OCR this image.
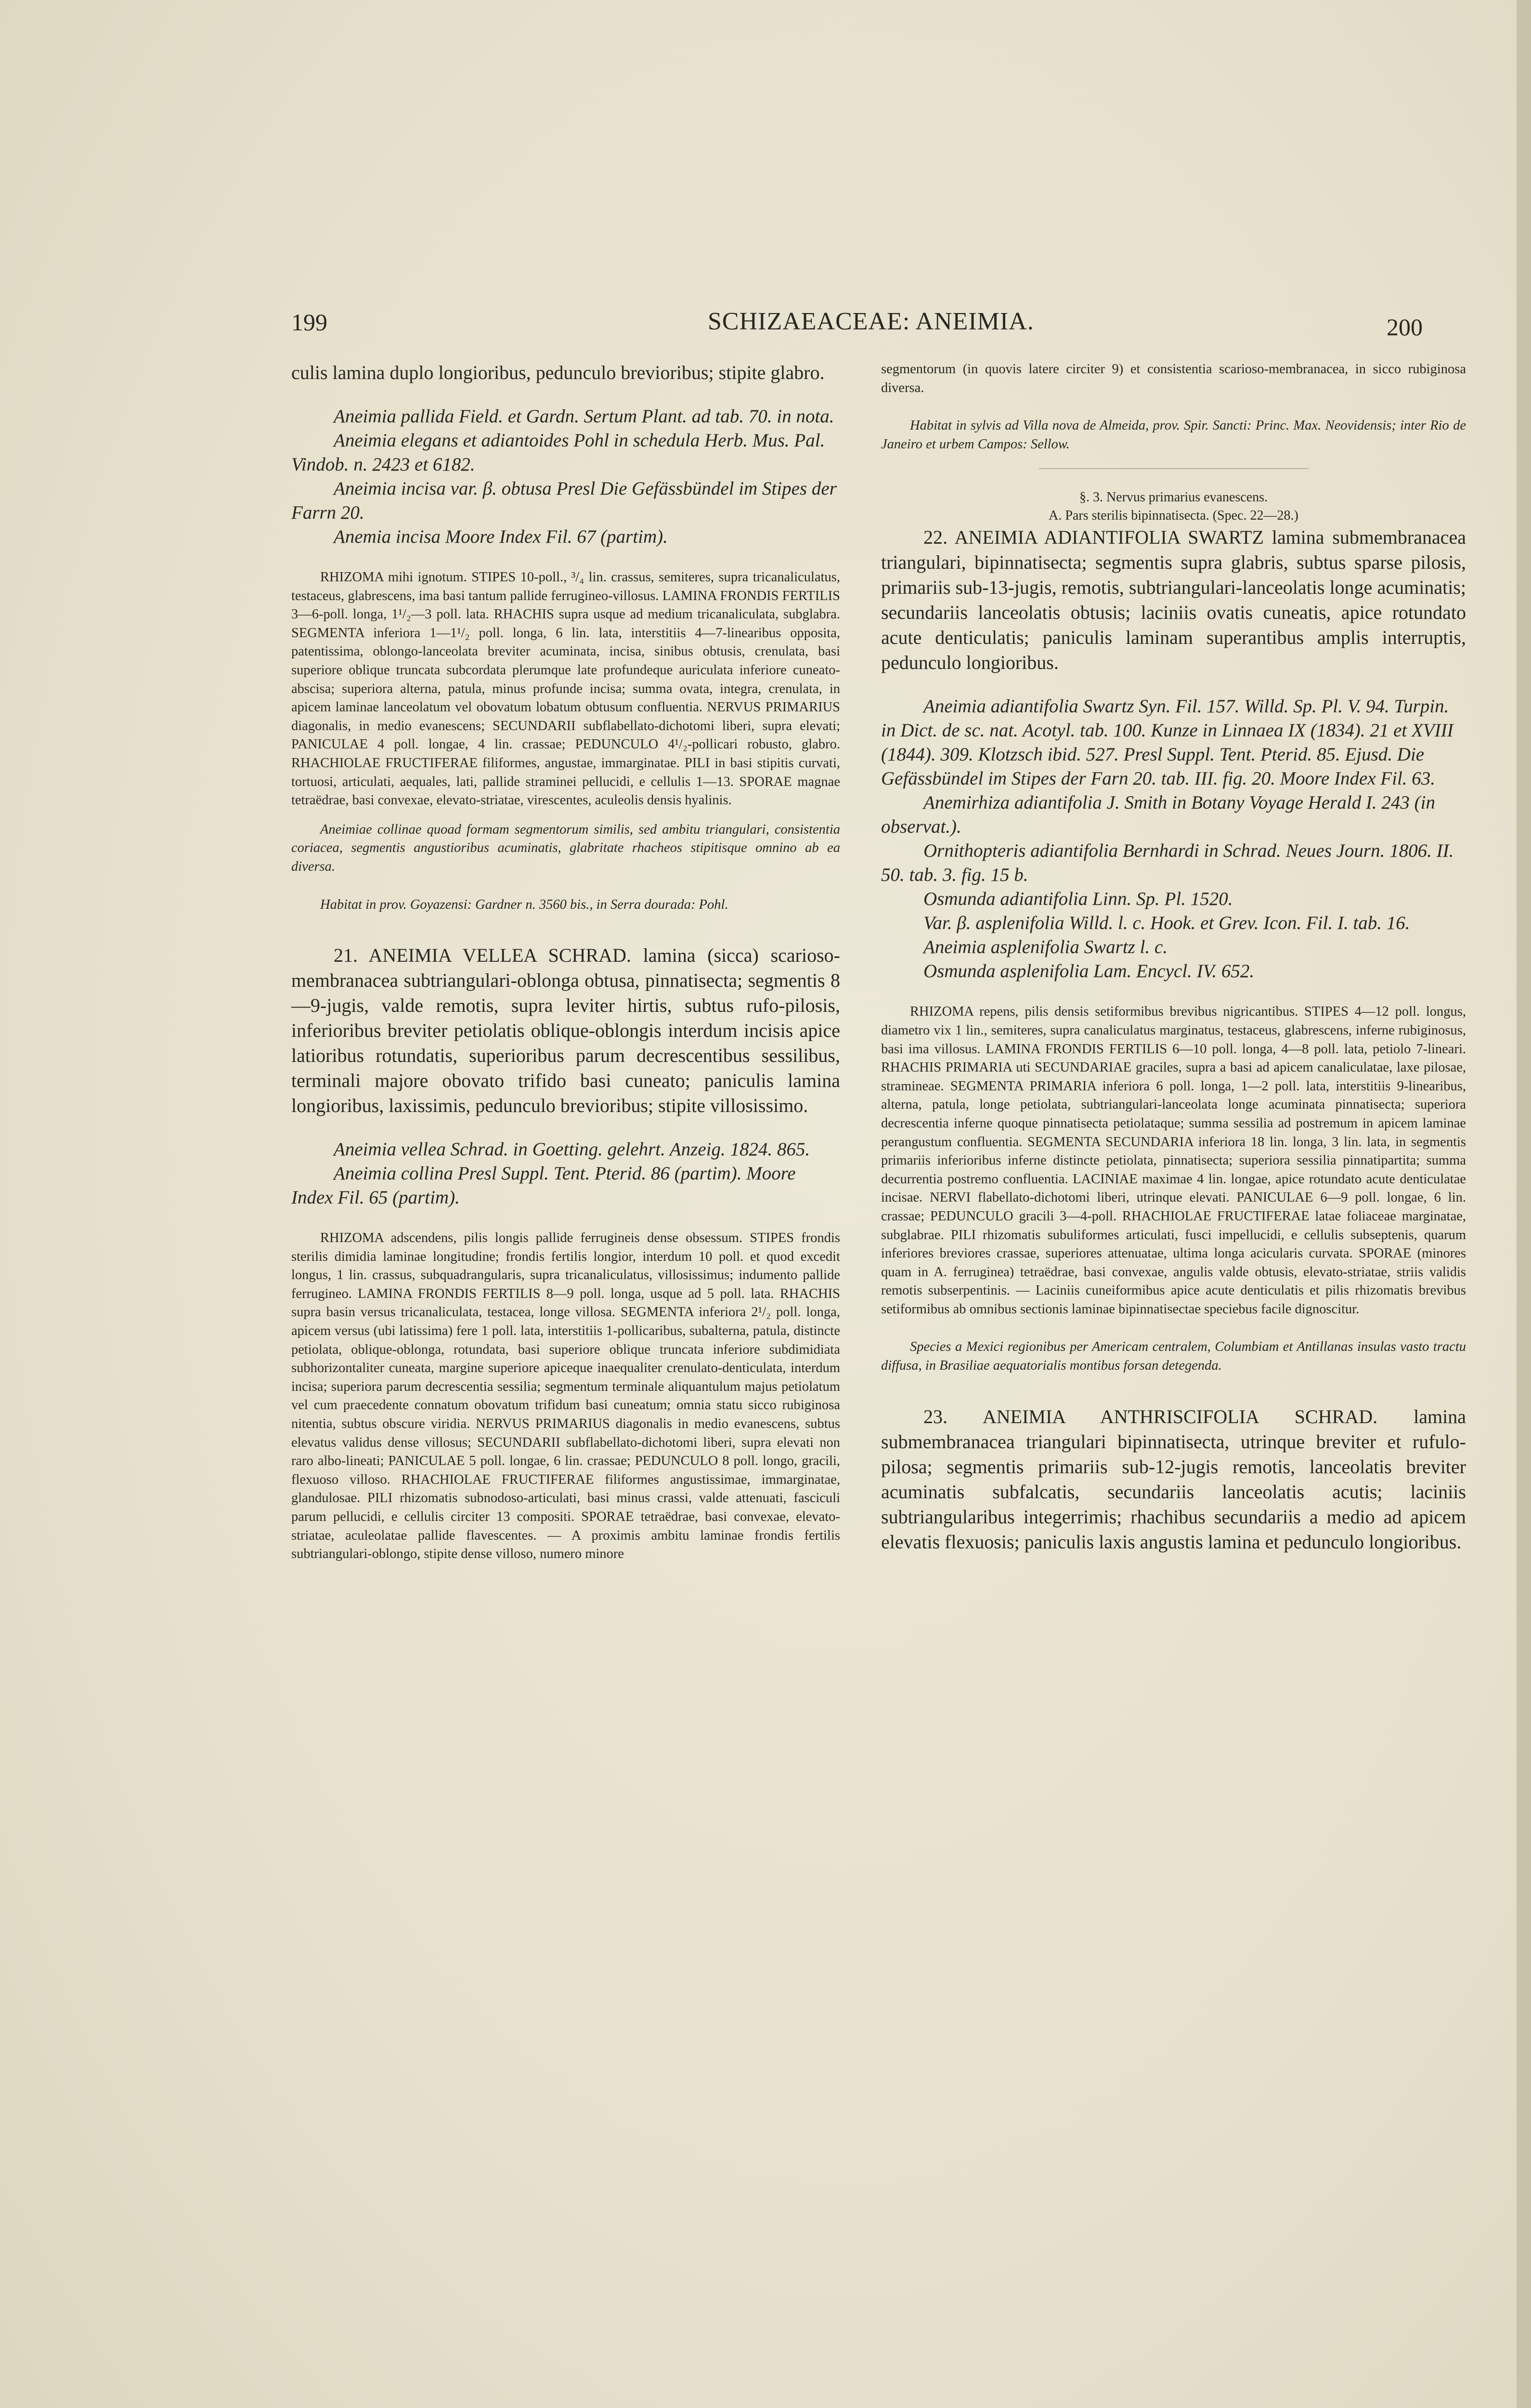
199	SCHIZAEACEAE: ANEIMIA.	200

culis lamina duplo longioribus, pedunculo brevioribus; stipite glabro.

Aneimia pallida Field. et Gardn. Sertum Plant. ad tab. 70. in nota.

Aneimia elegans et adiantoides Pohl in schedula Herb. Mus. Pal. Vindob. n. 2423 et 6182.

Aneimia incisa var. β. obtusa Presl Die Gefässbündel im Stipes der Farrn 20.

Anemia incisa Moore Index Fil. 67 (partim).

RHIZOMA mihi ignotum. STIPES 10-poll., ³/₄ lin. crassus, semiteres, supra tricanaliculatus, testaceus, glabrescens, ima basi tantum pallide ferrugineo-villosus. LAMINA FRONDIS FERTILIS 3—6-poll. longa, 1¹/₂—3 poll. lata. RHACHIS supra usque ad medium tricanaliculata, subglabra. SEGMENTA inferiora 1—1¹/₂ poll. longa, 6 lin. lata, interstitiis 4—7-linearibus opposita, patentissima, oblongo-lanceolata breviter acuminata, incisa, sinibus obtusis, crenulata, basi superiore oblique truncata subcordata plerumque late profundeque auriculata inferiore cuneato-abscisa; superiora alterna, patula, minus profunde incisa; summa ovata, integra, crenulata, in apicem laminae lanceolatum vel obovatum lobatum obtusum confluentia. NERVUS PRIMARIUS diagonalis, in medio evanescens; SECUNDARII subflabellato-dichotomi liberi, supra elevati; PANICULAE 4 poll. longae, 4 lin. crassae; PEDUNCULO 4¹/₂-pollicari robusto, glabro. RHACHIOLAE FRUCTIFERAE filiformes, angustae, immarginatae. PILI in basi stipitis curvati, tortuosi, articulati, aequales, lati, pallide straminei pellucidi, e cellulis 1—13. SPORAE magnae tetraëdrae, basi convexae, elevato-striatae, virescentes, aculeolis densis hyalinis.

Aneimiae collinae quoad formam segmentorum similis, sed ambitu triangulari, consistentia coriacea, segmentis angustioribus acuminatis, glabritate rhacheos stipitisque omnino ab ea diversa.

Habitat in prov. Goyazensi: Gardner n. 3560 bis., in Serra dourada: Pohl.

21. ANEIMIA VELLEA SCHRAD. lamina (sicca) scarioso-membranacea subtriangulari-oblonga obtusa, pinnatisecta; segmentis 8—9-jugis, valde remotis, supra leviter hirtis, subtus rufo-pilosis, inferioribus breviter petiolatis oblique-oblongis interdum incisis apice latioribus rotundatis, superioribus parum decrescentibus sessilibus, terminali majore obovato trifido basi cuneato; paniculis lamina longioribus, laxissimis, pedunculo brevioribus; stipite villosissimo.

Aneimia vellea Schrad. in Goetting. gelehrt. Anzeig. 1824. 865.

Aneimia collina Presl Suppl. Tent. Pterid. 86 (partim). Moore Index Fil. 65 (partim).

RHIZOMA adscendens, pilis longis pallide ferrugineis dense obsessum. STIPES frondis sterilis dimidia laminae longitudine; frondis fertilis longior, interdum 10 poll. et quod excedit longus, 1 lin. crassus, subquadrangularis, supra tricanaliculatus, villosissimus; indumento pallide ferrugineo. LAMINA FRONDIS FERTILIS 8—9 poll. longa, usque ad 5 poll. lata. RHACHIS supra basin versus tricanaliculata, testacea, longe villosa. SEGMENTA inferiora 2¹/₂ poll. longa, apicem versus (ubi latissima) fere 1 poll. lata, interstitiis 1-pollicaribus, subalterna, patula, distincte petiolata, oblique-oblonga, rotundata, basi superiore oblique truncata inferiore subdimidiata subhorizontaliter cuneata, margine superiore apiceque inaequaliter crenulato-denticulata, interdum incisa; superiora parum decrescentia sessilia; segmentum terminale aliquantulum majus petiolatum vel cum praecedente connatum obovatum trifidum basi cuneatum; omnia statu sicco rubiginosa nitentia, subtus obscure viridia. NERVUS PRIMARIUS diagonalis in medio evanescens, subtus elevatus validus dense villosus; SECUNDARII subflabellato-dichotomi liberi, supra elevati non raro albo-lineati; PANICULAE 5 poll. longae, 6 lin. crassae; PEDUNCULO 8 poll. longo, gracili, flexuoso villoso. RHACHIOLAE FRUCTIFERAE filiformes angustissimae, immarginatae, glandulosae. PILI rhizomatis subnodoso-articulati, basi minus crassi, valde attenuati, fasciculi parum pellucidi, e cellulis circiter 13 compositi. SPORAE tetraëdrae, basi convexae, elevato-striatae, aculeolatae pallide flavescentes. — A proximis ambitu laminae frondis fertilis subtriangulari-oblongo, stipite dense villoso, numero minore

segmentorum (in quovis latere circiter 9) et consistentia scarioso-membranacea, in sicco rubiginosa diversa.

Habitat in sylvis ad Villa nova de Almeida, prov. Spir. Sancti: Princ. Max. Neovidensis; inter Rio de Janeiro et urbem Campos: Sellow.

§. 3. Nervus primarius evanescens.

A. Pars sterilis bipinnatisecta. (Spec. 22—28.)

22. ANEIMIA ADIANTIFOLIA SWARTZ lamina submembranacea triangulari, bipinnatisecta; segmentis supra glabris, subtus sparse pilosis, primariis sub-13-jugis, remotis, subtriangulari-lanceolatis longe acuminatis; secundariis lanceolatis obtusis; laciniis ovatis cuneatis, apice rotundato acute denticulatis; paniculis laminam superantibus amplis interruptis, pedunculo longioribus.

Aneimia adiantifolia Swartz Syn. Fil. 157. Willd. Sp. Pl. V. 94. Turpin. in Dict. de sc. nat. Acotyl. tab. 100. Kunze in Linnaea IX (1834). 21 et XVIII (1844). 309. Klotzsch ibid. 527. Presl Suppl. Tent. Pterid. 85. Ejusd. Die Gefässbündel im Stipes der Farn 20. tab. III. fig. 20. Moore Index Fil. 63.

Anemirhiza adiantifolia J. Smith in Botany Voyage Herald I. 243 (in observat.).

Ornithopteris adiantifolia Bernhardi in Schrad. Neues Journ. 1806. II. 50. tab. 3. fig. 15 b.

Osmunda adiantifolia Linn. Sp. Pl. 1520.

Var. β. asplenifolia Willd. l. c. Hook. et Grev. Icon. Fil. I. tab. 16.

Aneimia asplenifolia Swartz l. c.

Osmunda asplenifolia Lam. Encycl. IV. 652.

RHIZOMA repens, pilis densis setiformibus brevibus nigricantibus. STIPES 4—12 poll. longus, diametro vix 1 lin., semiteres, supra canaliculatus marginatus, testaceus, glabrescens, inferne rubiginosus, basi ima villosus. LAMINA FRONDIS FERTILIS 6—10 poll. longa, 4—8 poll. lata, petiolo 7-lineari. RHACHIS PRIMARIA uti SECUNDARIAE graciles, supra a basi ad apicem canaliculatae, laxe pilosae, stramineae. SEGMENTA PRIMARIA inferiora 6 poll. longa, 1—2 poll. lata, interstitiis 9-linearibus, alterna, patula, longe petiolata, subtriangulari-lanceolata longe acuminata pinnatisecta; superiora decrescentia inferne quoque pinnatisecta petiolataque; summa sessilia ad postremum in apicem laminae perangustum confluentia. SEGMENTA SECUNDARIA inferiora 18 lin. longa, 3 lin. lata, in segmentis primariis inferioribus inferne distincte petiolata, pinnatisecta; superiora sessilia pinnatipartita; summa decurrentia postremo confluentia. LACINIAE maximae 4 lin. longae, apice rotundato acute denticulatae incisae. NERVI flabellato-dichotomi liberi, utrinque elevati. PANICULAE 6—9 poll. longae, 6 lin. crassae; PEDUNCULO gracili 3—4-poll. RHACHIOLAE FRUCTIFERAE latae foliaceae marginatae, subglabrae. PILI rhizomatis subuliformes articulati, fusci impellucidi, e cellulis subseptenis, quarum inferiores breviores crassae, superiores attenuatae, ultima longa acicularis curvata. SPORAE (minores quam in A. ferruginea) tetraëdrae, basi convexae, angulis valde obtusis, elevato-striatae, striis validis remotis subserpentinis. — Laciniis cuneiformibus apice acute denticulatis et pilis rhizomatis brevibus setiformibus ab omnibus sectionis laminae bipinnatisectae speciebus facile dignoscitur.

Species a Mexici regionibus per Americam centralem, Columbiam et Antillanas insulas vasto tractu diffusa, in Brasiliae aequatorialis montibus forsan detegenda.

23. ANEIMIA ANTHRISCIFOLIA SCHRAD. lamina submembranacea triangulari bipinnatisecta, utrinque breviter et rufulo-pilosa; segmentis primariis sub-12-jugis remotis, lanceolatis breviter acuminatis subfalcatis, secundariis lanceolatis acutis; laciniis subtriangularibus integerrimis; rhachibus secundariis a medio ad apicem elevatis flexuosis; paniculis laxis angustis lamina et pedunculo longioribus.
